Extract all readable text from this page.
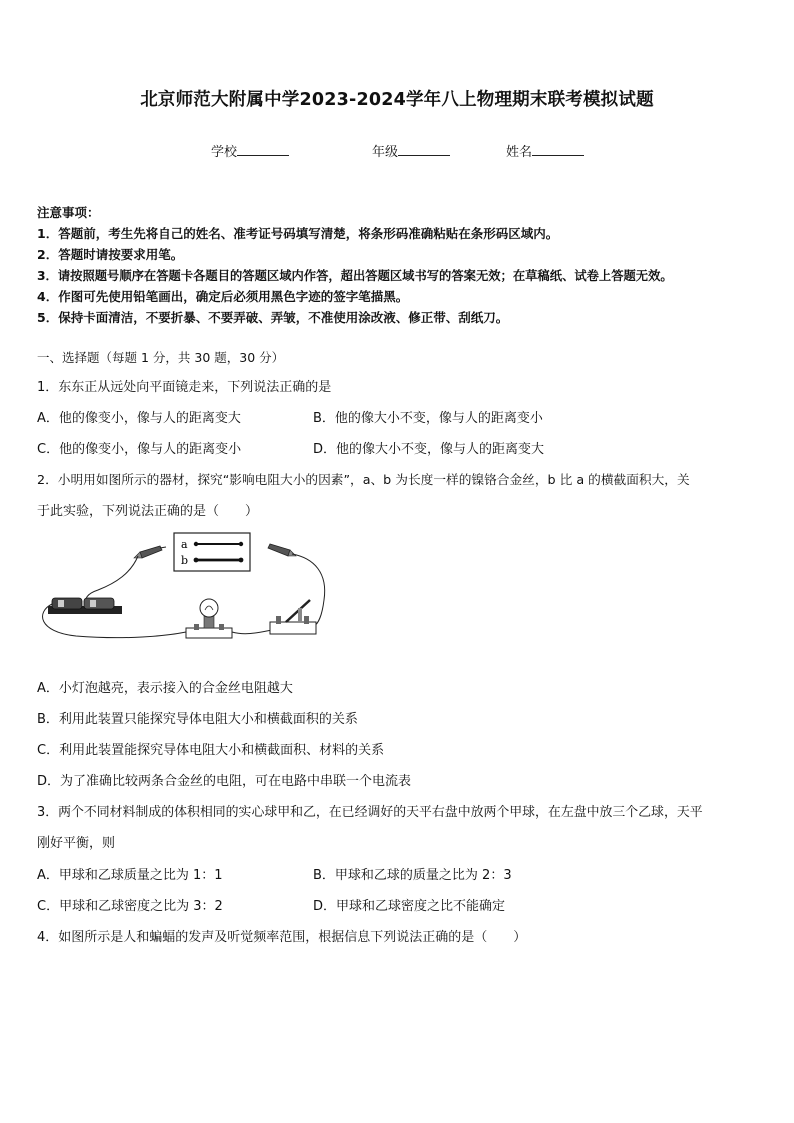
北京师范大附属中学2023-2024学年八上物理期末联考模拟试题
学校	年级	姓名
注意事项：
1．答题前，考生先将自己的姓名、准考证号码填写清楚，将条形码准确粘贴在条形码区域内。
2．答题时请按要求用笔。
3．请按照题号顺序在答题卡各题目的答题区域内作答，超出答题区域书写的答案无效；在草稿纸、试卷上答题无效。
4．作图可先使用铅笔画出，确定后必须用黑色字迹的签字笔描黑。
5．保持卡面清洁，不要折暴、不要弄破、弄皱，不准使用涂改液、修正带、刮纸刀。
一、选择题（每题 1 分，共 30 题，30 分）
1．东东正从远处向平面镜走来，下列说法正确的是
A．他的像变小，像与人的距离变大	B．他的像大小不变，像与人的距离变小
C．他的像变小，像与人的距离变小	D．他的像大小不变，像与人的距离变大
2．小明用如图所示的器材，探究“影响电阻大小的因素”，a、b 为长度一样的镍铬合金丝，b 比 a 的横截面积大，关
于此实验，下列说法正确的是（　　）
a
b
A．小灯泡越亮，表示接入的合金丝电阻越大
B．利用此装置只能探究导体电阻大小和横截面积的关系
C．利用此装置能探究导体电阻大小和横截面积、材料的关系
D．为了准确比较两条合金丝的电阻，可在电路中串联一个电流表
3．两个不同材料制成的体积相同的实心球甲和乙，在已经调好的天平右盘中放两个甲球，在左盘中放三个乙球，天平
刚好平衡，则
A．甲球和乙球质量之比为 1：1	B．甲球和乙球的质量之比为 2：3
C．甲球和乙球密度之比为 3：2	D．甲球和乙球密度之比不能确定
4．如图所示是人和蝙蝠的发声及听觉频率范围，根据信息下列说法正确的是（　　）
